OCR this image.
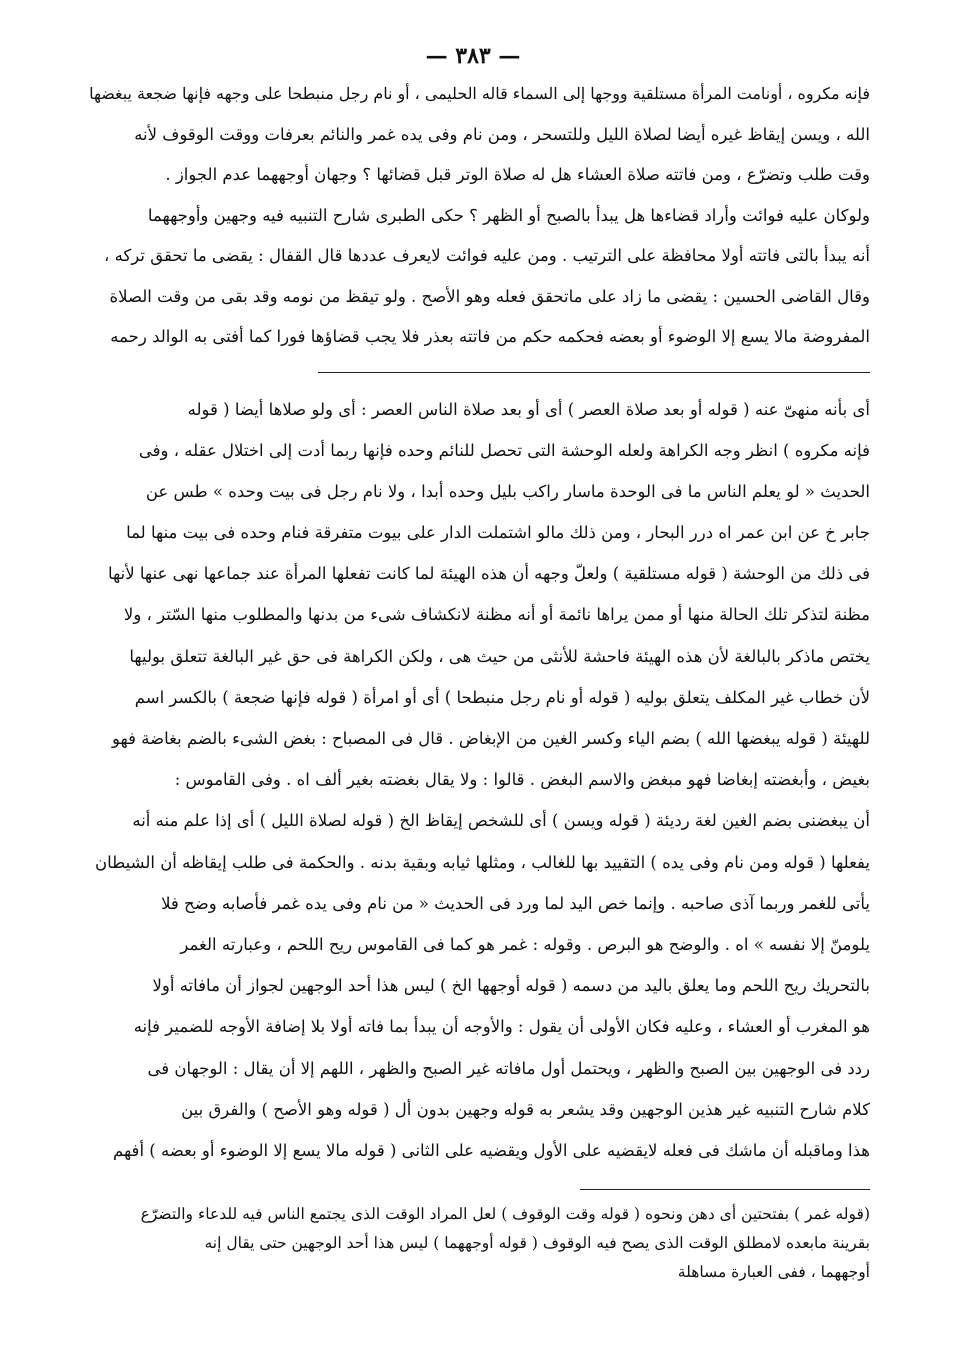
— ٣٨٣ —
فإنه مكروه ، أونامت المرأة مستلقية ووجها إلى السماء قاله الحليمى ، أو نام رجل منبطحا على وجهه فإنها ضجعة يبغضها
الله ، ويسن إيقاظ غيره أيضا لصلاة الليل وللتسحر ، ومن نام وفى يده غمر والنائم بعرفات ووقت الوقوف لأنه
وقت طلب وتضرّع ، ومن فاتته صلاة العشاء هل له صلاة الوتر قبل قضائها ؟ وجهان أوجههما عدم الجواز .
ولوكان عليه فوائت وأراد قضاءها هل يبدأ بالصبح أو الظهر ؟ حكى الطبرى شارح التنبيه فيه وجهين وأوجههما
أنه يبدأ بالتى فاتته أولا محافظة على الترتيب . ومن عليه فوائت لايعرف عددها قال القفال : يقضى ما تحقق تركه ،
وقال القاضى الحسين : يقضى ما زاد على ماتحقق فعله وهو الأصح . ولو تيقظ من نومه وقد بقى من وقت الصلاة
المفروضة مالا يسع إلا الوضوء أو بعضه فحكمه حكم من فاتته بعذر فلا يجب قضاؤها فورا كما أفتى به الوالد رحمه
أى بأنه منهىّ عنه ( قوله أو بعد صلاة العصر ) أى أو بعد صلاة الناس العصر : أى ولو صلاها أيضا ( قوله
فإنه مكروه ) انظر وجه الكراهة ولعله الوحشة التى تحصل للنائم وحده فإنها ربما أدت إلى اختلال عقله ، وفى
الحديث « لو يعلم الناس ما فى الوحدة ماسار راكب بليل وحده أبدا ، ولا نام رجل فى بيت وحده » طس عن
جابر خ عن ابن عمر اه درر البحار ، ومن ذلك مالو اشتملت الدار على بيوت متفرقة فنام وحده فى بيت منها لما
فى ذلك من الوحشة ( قوله مستلقية ) ولعلّ وجهه أن هذه الهيئة لما كانت تفعلها المرأة عند جماعها نهى عنها لأنها
مظنة لتذكر تلك الحالة منها أو ممن يراها نائمة أو أنه مظنة لانكشاف شىء من بدنها والمطلوب منها السّتر ، ولا
يختص ماذكر بالبالغة لأن هذه الهيئة فاحشة للأنثى من حيث هى ، ولكن الكراهة فى حق غير البالغة تتعلق بوليها
لأن خطاب غير المكلف يتعلق بوليه ( قوله أو نام رجل منبطحا ) أى أو امرأة ( قوله فإنها ضجعة ) بالكسر اسم
للهيئة ( قوله يبغضها الله ) بضم الياء وكسر الغين من الإبغاض . قال فى المصباح : بغض الشىء بالضم بغاضة فهو
بغيض ، وأبغضته إبغاضا فهو مبغض والاسم البغض . قالوا : ولا يقال بغضته بغير ألف اه . وفى القاموس :
أن يبغضنى بضم الغين لغة رديئة ( قوله ويسن ) أى للشخص إيقاظ الخ ( قوله لصلاة الليل ) أى إذا علم منه أنه
يفعلها ( قوله ومن نام وفى يده ) التقييد بها للغالب ، ومثلها ثيابه وبقية بدنه . والحكمة فى طلب إيقاظه أن الشيطان
يأتى للغمر وربما آذى صاحبه . وإنما خص اليد لما ورد فى الحديث « من نام وفى يده غمر فأصابه وضح فلا
يلومنّ إلا نفسه » اه . والوضح هو البرص . وقوله : غمر هو كما فى القاموس ريح اللحم ، وعبارته الغمر
بالتحريك ريح اللحم وما يعلق باليد من دسمه ( قوله أوجهها الخ ) ليس هذا أحد الوجهين لجواز أن مافاته أولا
هو المغرب أو العشاء ، وعليه فكان الأولى أن يقول : والأوجه أن يبدأ بما فاته أولا بلا إضافة الأوجه للضمير فإنه
ردد فى الوجهين بين الصبح والظهر ، ويحتمل أول مافاته غير الصبح والظهر ، اللهم إلا أن يقال : الوجهان فى
كلام شارح التنبيه غير هذين الوجهين وقد يشعر به قوله وجهين بدون أل ( قوله وهو الأصح ) والفرق بين
هذا وماقبله أن ماشك فى فعله لايقضيه على الأول ويقضيه على الثانى ( قوله مالا يسع إلا الوضوء أو بعضه ) أفهم
(قوله غمر ) بفتحتين أى دهن ونحوه ( قوله وقت الوقوف ) لعل المراد الوقت الذى يجتمع الناس فيه للدعاء والتضرّع
بقرينة مابعده لامطلق الوقت الذى يصح فيه الوقوف ( قوله أوجههما ) ليس هذا أحد الوجهين حتى يقال إنه
أوجههما ، ففى العبارة مساهلة
